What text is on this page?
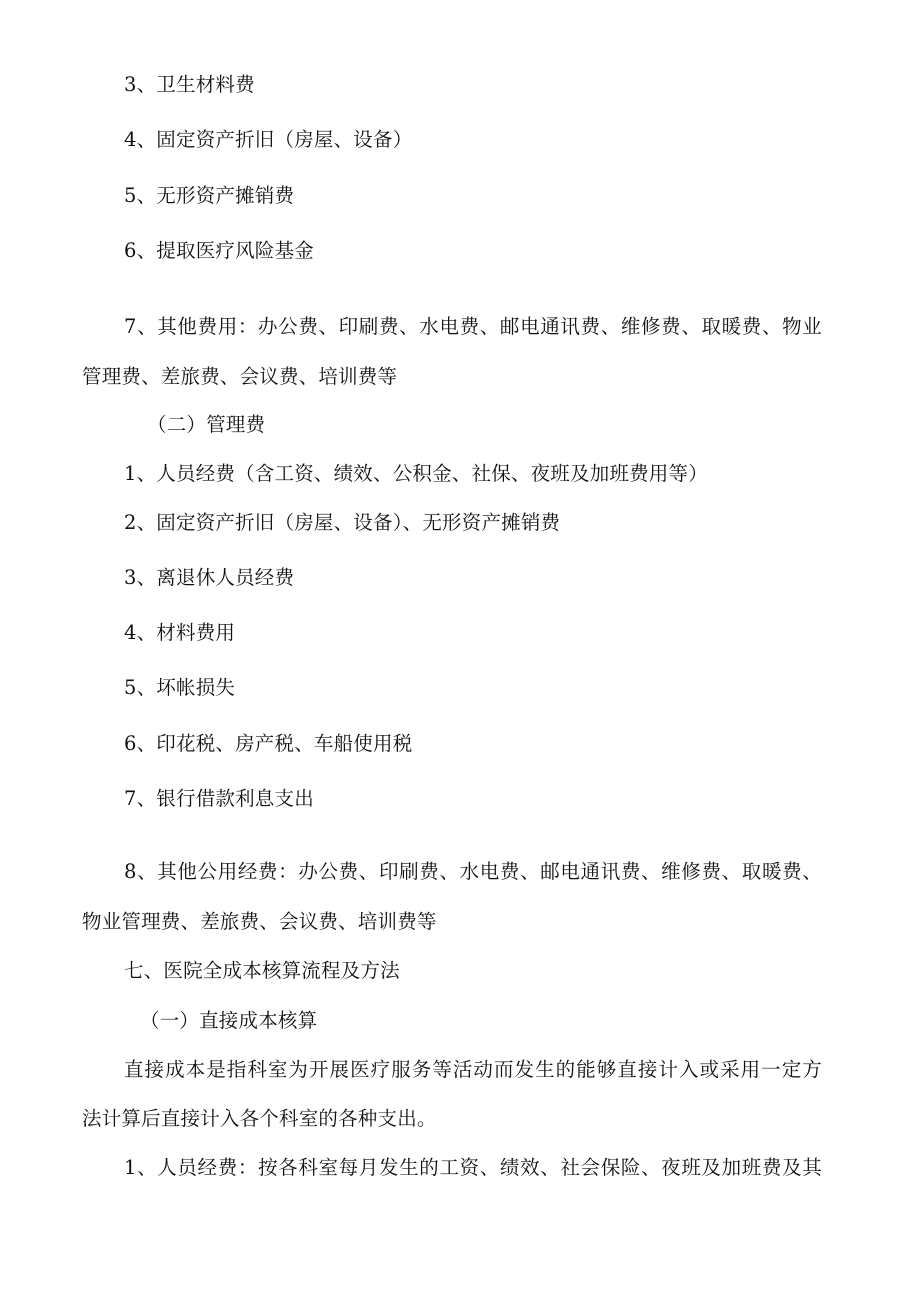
3、卫生材料费
4、固定资产折旧（房屋、设备）
5、无形资产摊销费
6、提取医疗风险基金
7、其他费用：办公费、印刷费、水电费、邮电通讯费、维修费、取暖费、物业
管理费、差旅费、会议费、培训费等
（二）管理费
1、人员经费（含工资、绩效、公积金、社保、夜班及加班费用等）
2、固定资产折旧（房屋、设备）、无形资产摊销费
3、离退休人员经费
4、材料费用
5、坏帐损失
6、印花税、房产税、车船使用税
7、银行借款利息支出
8、其他公用经费：办公费、印刷费、水电费、邮电通讯费、维修费、取暖费、
物业管理费、差旅费、会议费、培训费等
七、医院全成本核算流程及方法
（一）直接成本核算
直接成本是指科室为开展医疗服务等活动而发生的能够直接计入或采用一定方
法计算后直接计入各个科室的各种支出。
1、人员经费：按各科室每月发生的工资、绩效、社会保险、夜班及加班费及其
